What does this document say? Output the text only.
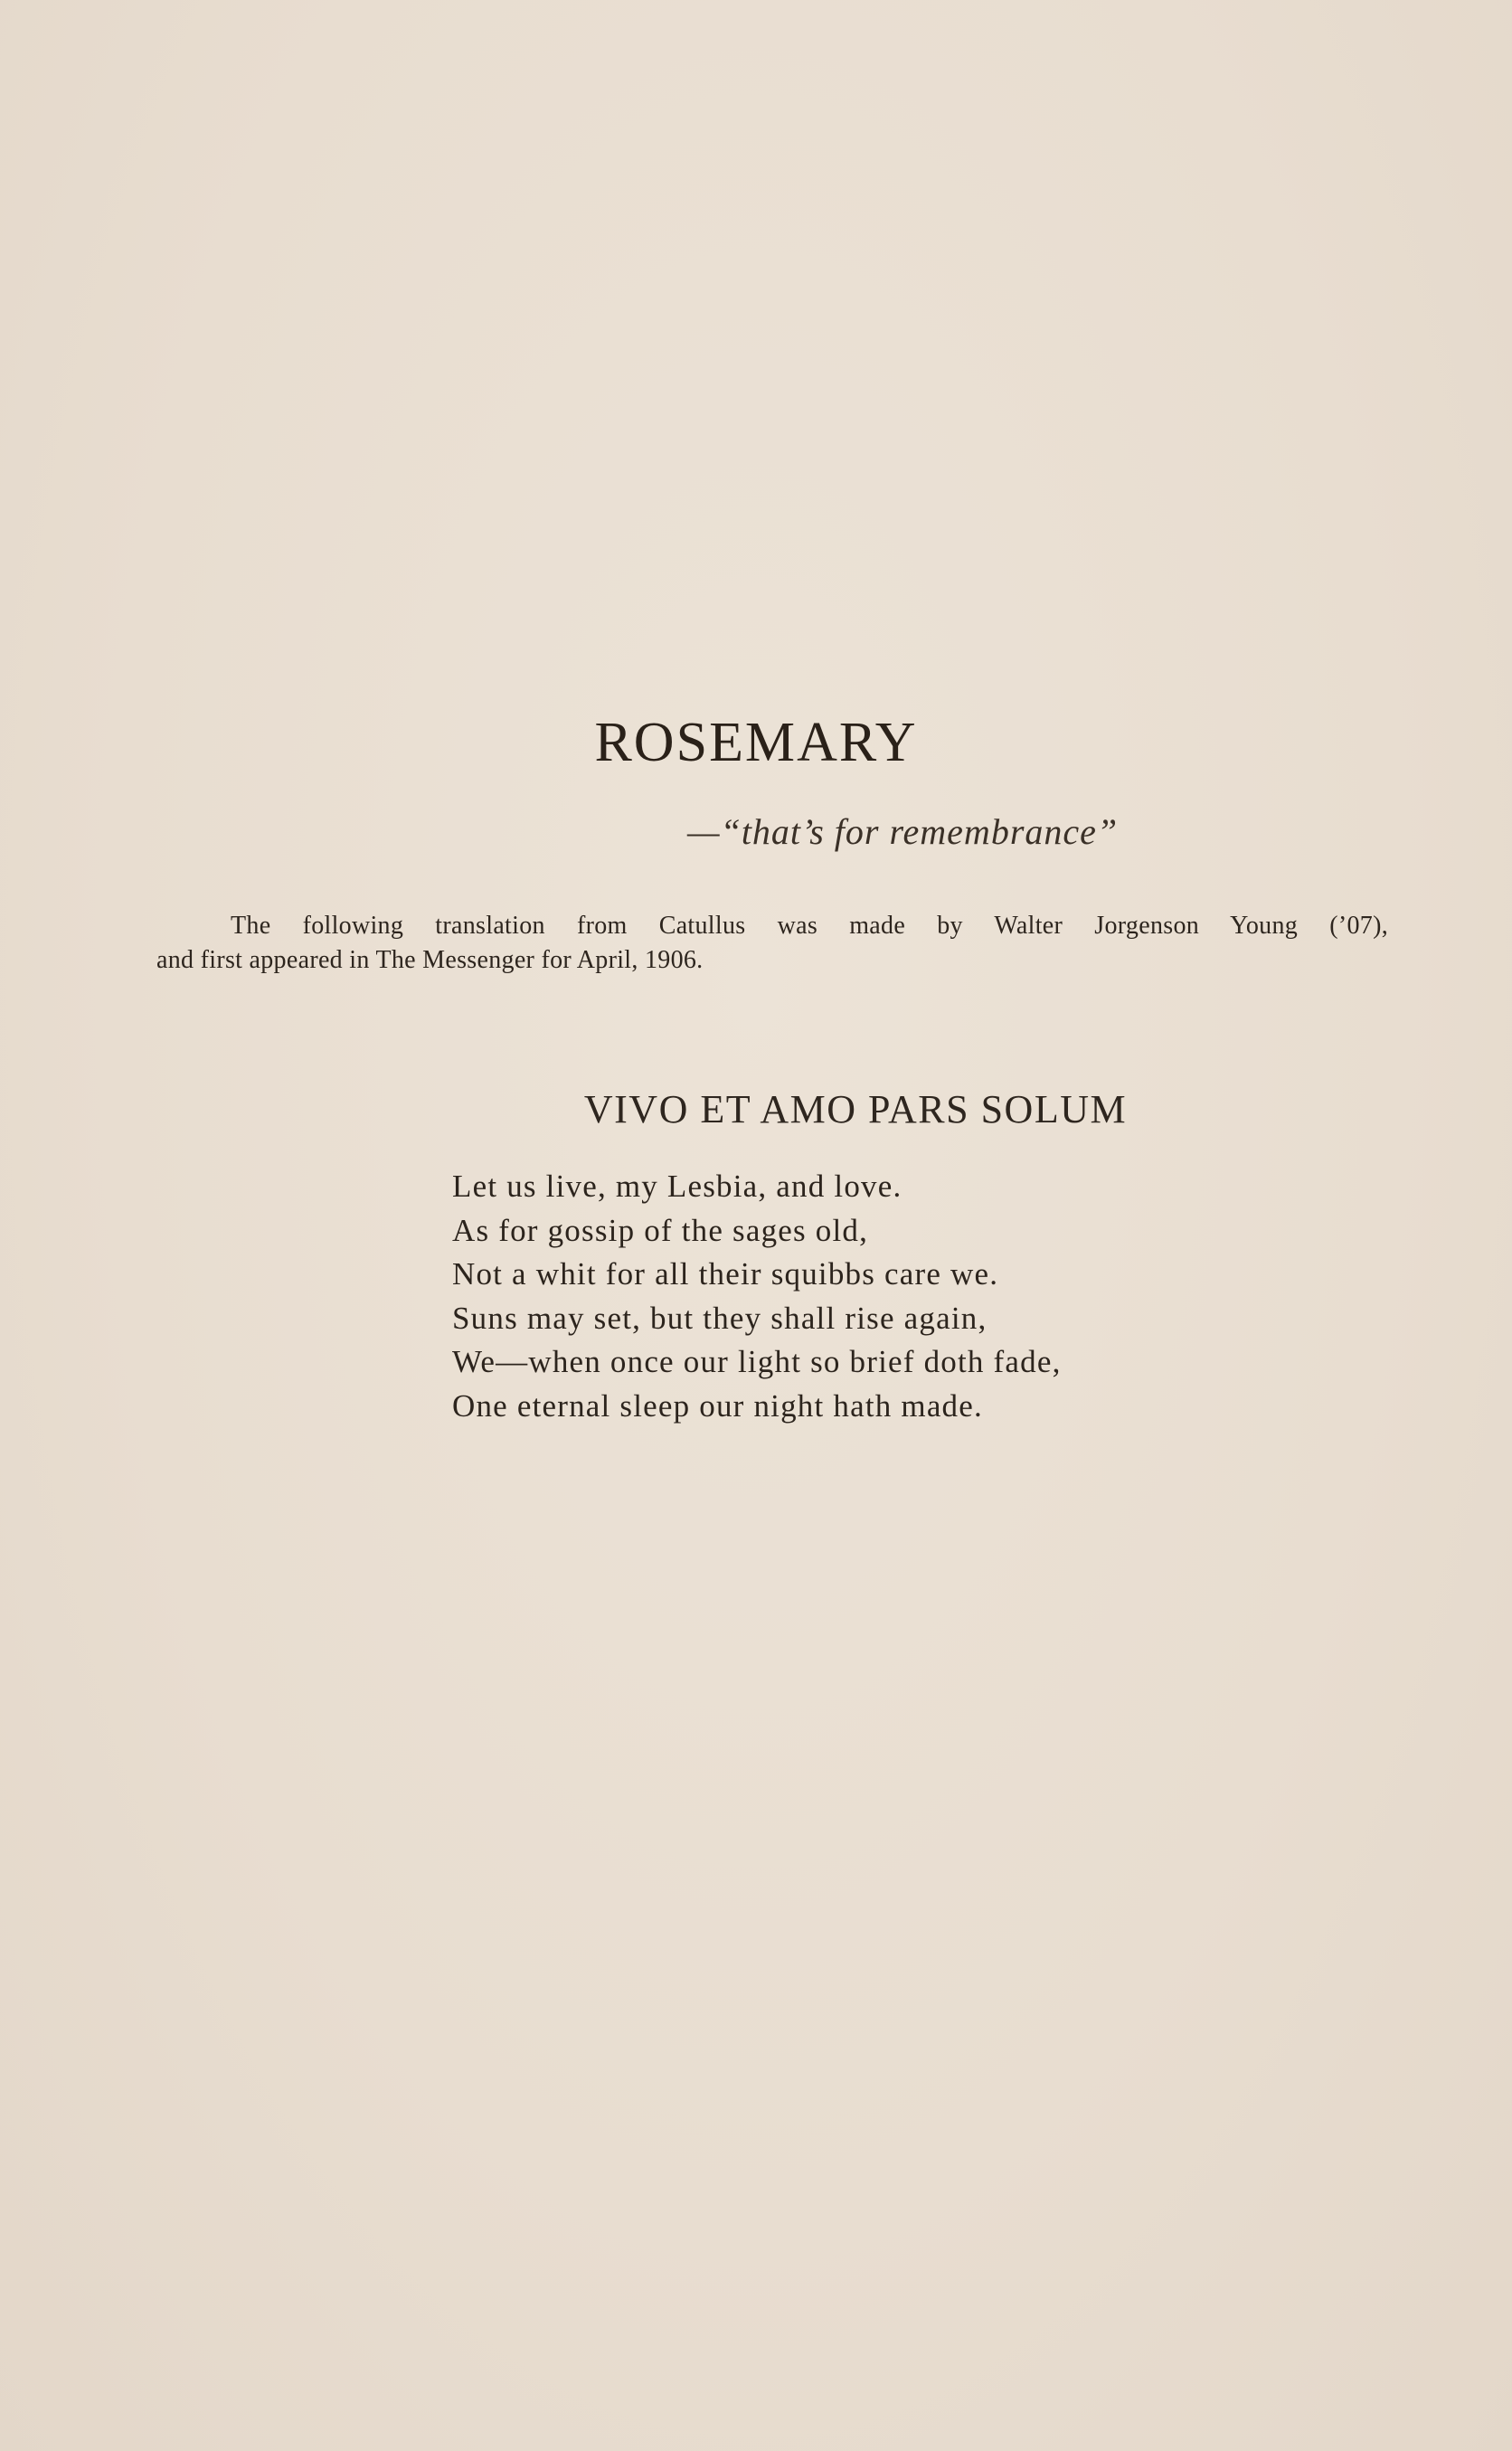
ROSEMARY
—“that’s for remembrance”

The following translation from Catullus was made by Walter Jorgenson Young (’07),
and first appeared in The Messenger for April, 1906.

VIVO ET AMO PARS SOLUM
Let us live, my Lesbia, and love.
As for gossip of the sages old,
Not a whit for all their squibbs care we.
Suns may set, but they shall rise again,
We—when once our light so brief doth fade,
One eternal sleep our night hath made.
